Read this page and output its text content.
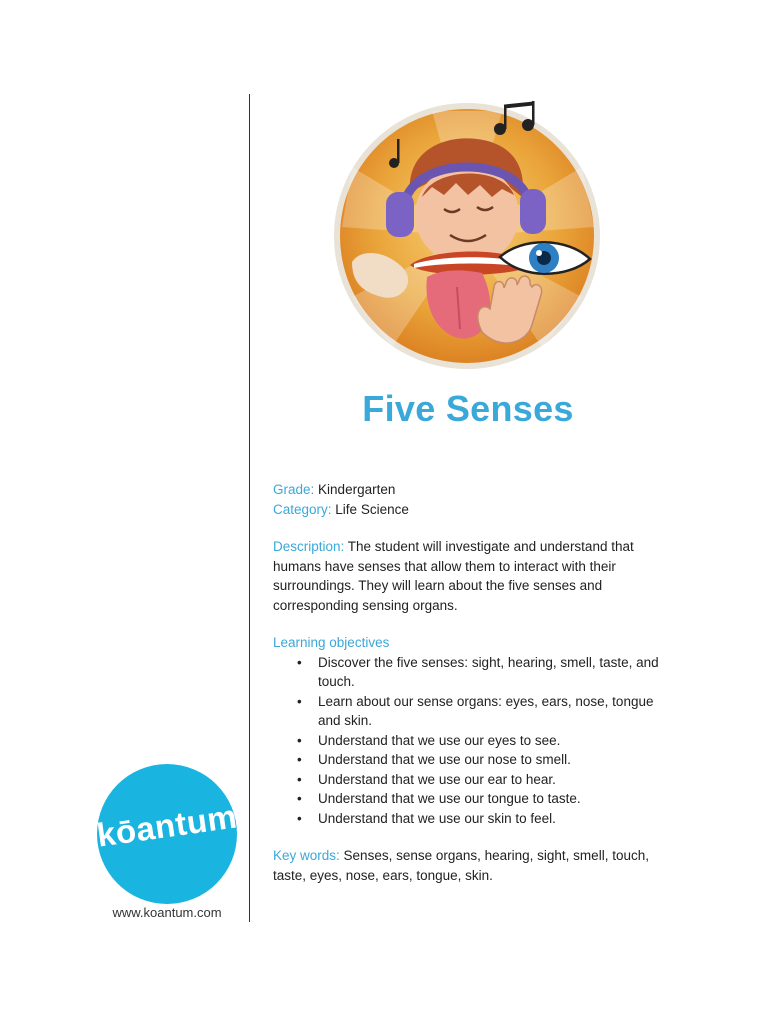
Five Senses

Grade: Kindergarten

Category: Life Science

Description: The student will investigate and understand that humans have senses that allow them to interact with their surroundings. They will learn about the five senses and corresponding sensing organs.

Learning objectives

• Discover the five senses: sight, hearing, smell, taste, and touch.
• Learn about our sense organs: eyes, ears, nose, tongue and skin.
• Understand that we use our eyes to see.
• Understand that we use our nose to smell.
• Understand that we use our ear to hear.
• Understand that we use our tongue to taste.
• Understand that we use our skin to feel.

Key words: Senses, sense organs, hearing, sight, smell, touch, taste, eyes, nose, ears, tongue, skin.

kōantum
www.koantum.com
